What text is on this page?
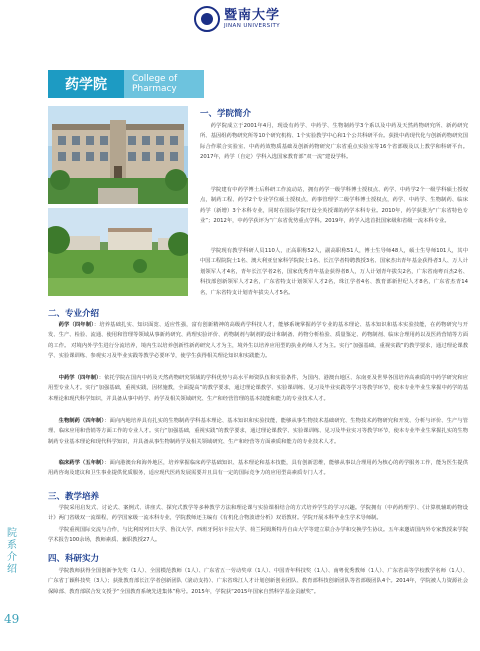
暨南大学
JINAN UNIVERSITY
院系介绍
49
药学院	College of Pharmacy
一、学院简介

药学院成立于2001年4月，现设有药学、中药学、生物制药学3个系以及中药及天然药物研究所、新药研究所、基因组药物研究所等10个研究机构、1个实验教学中心和1个公共科研平台。获批中药现代化与创新药物研究国际合作联合实验室、中药药效物质基础及创新药物研究广东省重点实验室等16个省部级及以上教学和科研平台。2017年，药学（自定）学科入选国家教育部“双一流”建设学科。

学院建有中药学博士后科研工作流动站，拥有药学一级学科博士授权点、药学、中药学2个一级学科硕士授权点，制药工程、药学2个专业学位硕士授权点，药事管理学二级学科博士授权点，药学、中药学、生物制药、临床药学（新增）3个本科专业，同时在国际学院开设全英授课的药学本科专业。2010年，药学获批为“广东省特色专业”；2012年，中药学获评为“广东省优势重点学科。2019年，药学入选首批国家级和省级一流本科专业。

学院现有教学科研人员110人，正高职称52人，副高职称51人，博士生导师48人，硕士生导师101人，其中中国工程院院士1名、澳大利亚皇家科学院院士1名、长江学者特聘教授3名、国家杰出青年基金获得者3人、万人计划领军人才4名，青年长江学者2名，国家优秀青年基金获得者8人，万人计划青年拔尖2名，广东省南粤百杰2名、科技部创新领军人才2名，广东省特支计划领军人才2名，珠江学者4名、教育部新世纪人才8名，广东省杰青14名，广东省特支计划青年拔尖人才5名。

二、专业介绍

药学（四年制）：培养基础扎实、知识面宽、适应性强，富有创新精神的高级药学科技人才，能够系统掌握药学专业的基本理论、基本知识和基本实验技能，在药物研究与开发、生产、检验、流通、使用和管理等领域从事新药研究、药理实验评价、药物制剂与制剂的设计和制备、药物分析检验、质量鉴定、药物制剂、临床合理用药以及医药营销等方面的工作。 对境内外学生进行分流培养，境内生以培养创新性新药研究人才为主，境外生以培养应用型的执业药师人才为主。实行“加强基础，重视实践”的教学要求，通过理论课教学、实验课训练、参观实习及毕业实践等教学必要环节，使学生获得相关理论知识和实践能力。

中药学（四年制）：依托学院在国内中药及天然药物研究领域的学科优势与高水平师资队伍和实验条件，为国内、港澳台地区、东南亚及世界各国培养高素质的中药学研究和应用型专业人才。实行“加强基础，重视实践，因材施教，全面提高”的教学要求，通过理论课教学、实验课训练、见习及毕业实践等学习等教学环节，使本专业毕业生掌握中药学的基本理论和现代科学知识，并具备从事中药学、药学及相关领域研究、生产和经营管理的基本技能和能力的专业技术人才。

生物制药（四年制）：面向内地培养具有扎实的生物制药学科基本理论、基本知识和实验技能，能够从事生物技术基础研究、生物技术药物研究和开发、分析与评价、生产与管理、临床应用和营销等方面工作的专业人才。实行“加强基础，重视实践”的教学要求，通过理论课教学、实验课训练、见习及毕业实习等教学环节，使本专业毕业生掌握扎实的生物制药专业基本理论和现代科学知识，并具备从事生物制药学及相关领域研究、生产和经营等方面素质和能力的专业技术人才。

临床药学（五年制）：面向港澳台和海外地区，培养掌握临床药学基础知识、基本理论和基本技能，具有创新思维，能够从事以合理用药为核心的药学服务工作，能为医生提供用药咨询及建议和卫生事业提供优质服务，适应现代医药发展需要并且具有一定的国际竞争力的应用型高素质专门人才。

三、教学培养

学院采用启发式、讨论式、案例式、讲座式、探究式教学等多种教学方法和理论课与实验课相结合的方式培养学生的学习兴趣。学院拥有（中药药理学）、《计算机辅助药物设计》两门省级双一流课程，药学国家级一流本科专业，学院教师还主编有《有机化合物波谱分析》双语教材。学院开展本科毕业生学术导师制。

学院重视国际交流与合作，与比利时列日大学、鲁汶大学、西班牙阿尔卡拉大学、荷兰阿姆斯特丹自由大学等建立联合办学和交换学生协议。五年来邀请国内外专家教授来学院学术报告100余场，教师素质、兼职教授27人。

四、科研实力

学院教师获得全国创新争先奖（1人）、全国模范教师（1人）、广东省五一劳动奖章（1人）、中国青年科技奖（1人）、南粤优秀教师（1人）、广东省高等学校教学名师（1人）、广东省丁颖科技奖（3人）；获批教育部长江学者创新团队（滚动支持）、广东省珠江人才计划创新创业团队、教育部科技创新团队等省部级团队4个。2014年，学院被人力资源社会保障部、教育部联合发文授予“全国教育系统先进集体”称号。2015年，学院获“2015年国家自然科学基金贡献奖”。
